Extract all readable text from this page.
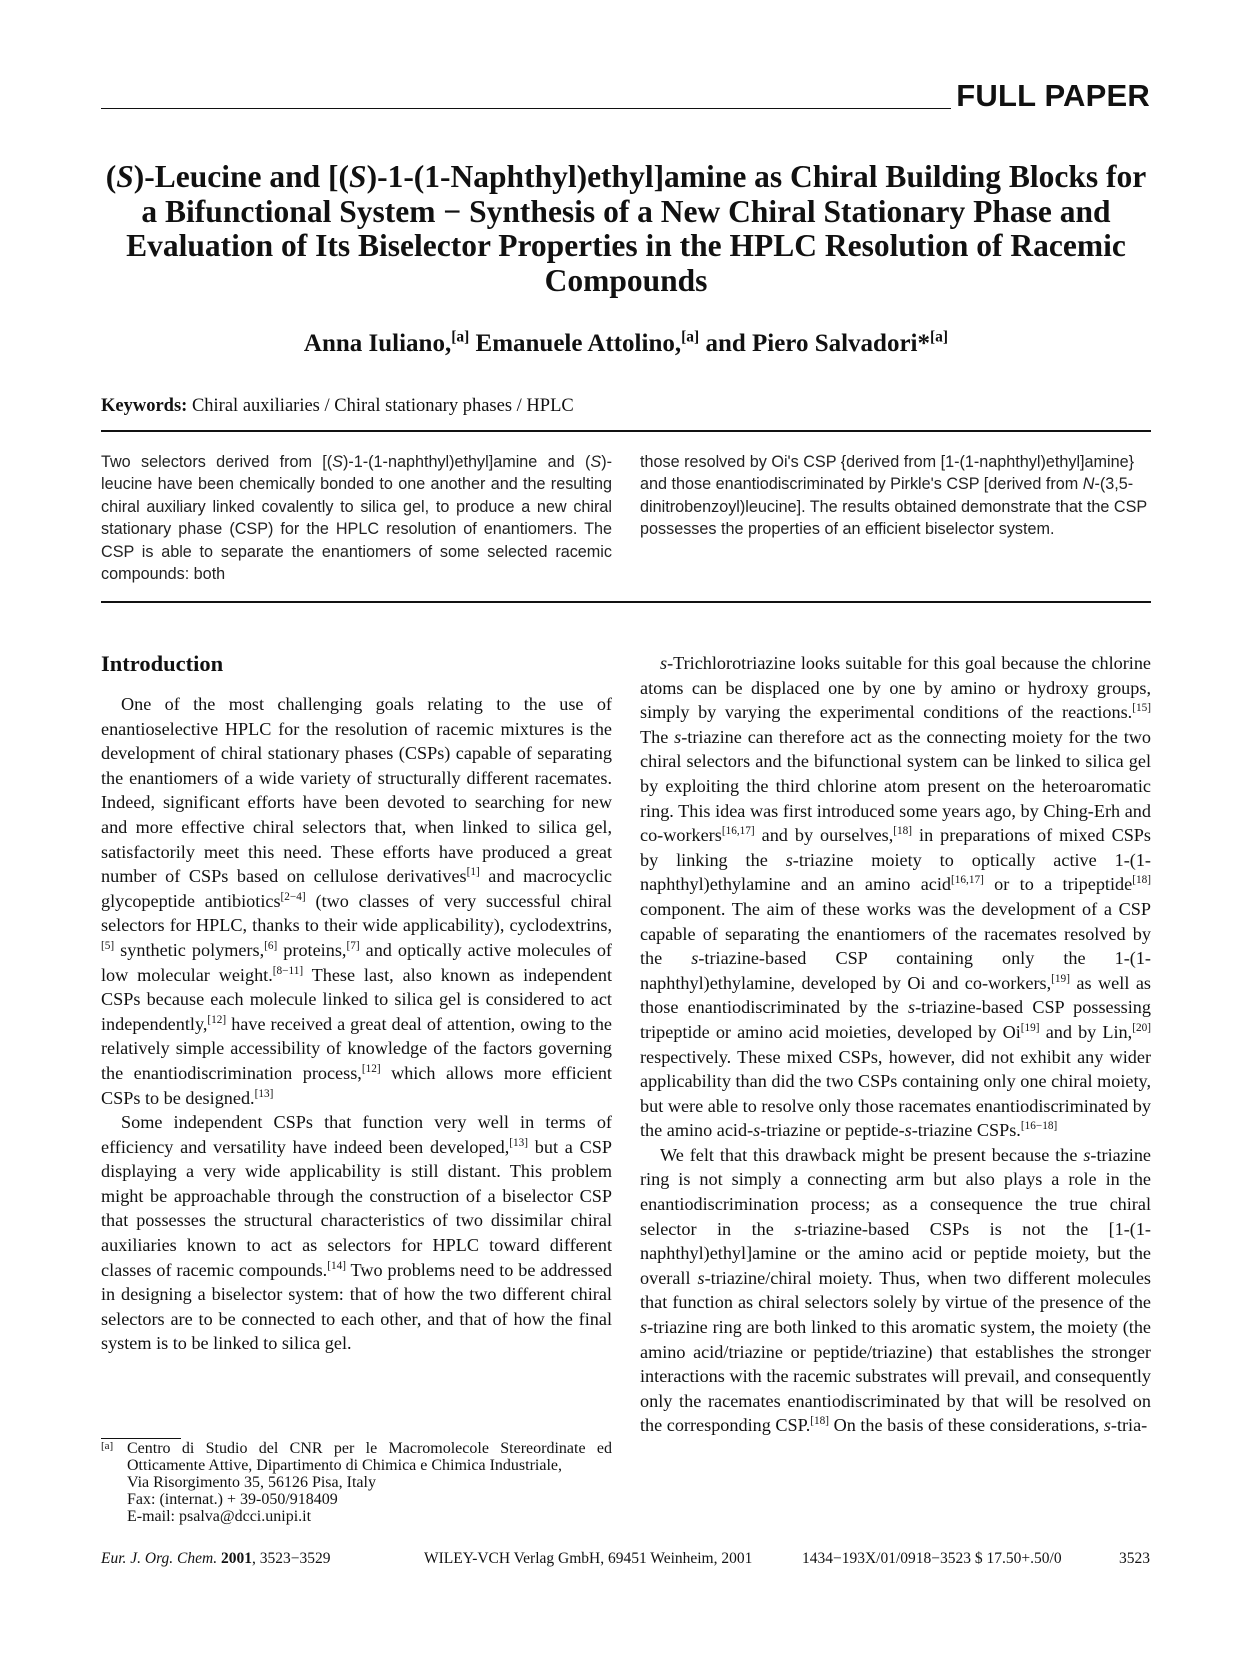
FULL PAPER
(S)-Leucine and [(S)-1-(1-Naphthyl)ethyl]amine as Chiral Building Blocks for a Bifunctional System − Synthesis of a New Chiral Stationary Phase and Evaluation of Its Biselector Properties in the HPLC Resolution of Racemic Compounds
Anna Iuliano,[a] Emanuele Attolino,[a] and Piero Salvadori*[a]
Keywords: Chiral auxiliaries / Chiral stationary phases / HPLC
Two selectors derived from [(S)-1-(1-naphthyl)ethyl]amine and (S)-leucine have been chemically bonded to one another and the resulting chiral auxiliary linked covalently to silica gel, to produce a new chiral stationary phase (CSP) for the HPLC resolution of enantiomers. The CSP is able to separate the enantiomers of some selected racemic compounds: both
those resolved by Oi's CSP {derived from [1-(1-naphthyl)ethyl]amine} and those enantiodiscriminated by Pirkle's CSP [derived from N-(3,5-dinitrobenzoyl)leucine]. The results obtained demonstrate that the CSP possesses the properties of an efficient biselector system.
Introduction

One of the most challenging goals relating to the use of enantioselective HPLC for the resolution of racemic mixtures is the development of chiral stationary phases (CSPs) capable of separating the enantiomers of a wide variety of structurally different racemates. Indeed, significant efforts have been devoted to searching for new and more effective chiral selectors that, when linked to silica gel, satisfactorily meet this need. These efforts have produced a great number of CSPs based on cellulose derivatives[1] and macrocyclic glycopeptide antibiotics[2−4] (two classes of very successful chiral selectors for HPLC, thanks to their wide applicability), cyclodextrins,[5] synthetic polymers,[6] proteins,[7] and optically active molecules of low molecular weight.[8−11] These last, also known as independent CSPs because each molecule linked to silica gel is considered to act independently,[12] have received a great deal of attention, owing to the relatively simple accessibility of knowledge of the factors governing the enantiodiscrimination process,[12] which allows more efficient CSPs to be designed.[13]

Some independent CSPs that function very well in terms of efficiency and versatility have indeed been developed,[13] but a CSP displaying a very wide applicability is still distant. This problem might be approachable through the construction of a biselector CSP that possesses the structural characteristics of two dissimilar chiral auxiliaries known to act as selectors for HPLC toward different classes of racemic compounds.[14] Two problems need to be addressed in designing a biselector system: that of how the two different chiral selectors are to be connected to each other, and that of how the final system is to be linked to silica gel.

s-Trichlorotriazine looks suitable for this goal because the chlorine atoms can be displaced one by one by amino or hydroxy groups, simply by varying the experimental conditions of the reactions.[15] The s-triazine can therefore act as the connecting moiety for the two chiral selectors and the bifunctional system can be linked to silica gel by exploiting the third chlorine atom present on the heteroaromatic ring. This idea was first introduced some years ago, by Ching-Erh and co-workers[16,17] and by ourselves,[18] in preparations of mixed CSPs by linking the s-triazine moiety to optically active 1-(1-naphthyl)ethylamine and an amino acid[16,17] or to a tripeptide[18] component. The aim of these works was the development of a CSP capable of separating the enantiomers of the racemates resolved by the s-triazine-based CSP containing only the 1-(1-naphthyl)ethylamine, developed by Oi and co-workers,[19] as well as those enantiodiscriminated by the s-triazine-based CSP possessing tripeptide or amino acid moieties, developed by Oi[19] and by Lin,[20] respectively. These mixed CSPs, however, did not exhibit any wider applicability than did the two CSPs containing only one chiral moiety, but were able to resolve only those racemates enantiodiscriminated by the amino acid-s-triazine or peptide-s-triazine CSPs.[16−18]

We felt that this drawback might be present because the s-triazine ring is not simply a connecting arm but also plays a role in the enantiodiscrimination process; as a consequence the true chiral selector in the s-triazine-based CSPs is not the [1-(1-naphthyl)ethyl]amine or the amino acid or peptide moiety, but the overall s-triazine/chiral moiety. Thus, when two different molecules that function as chiral selectors solely by virtue of the presence of the s-triazine ring are both linked to this aromatic system, the moiety (the amino acid/triazine or peptide/triazine) that establishes the stronger interactions with the racemic substrates will prevail, and consequently only the racemates enantiodiscriminated by that will be resolved on the corresponding CSP.[18] On the basis of these considerations, s-tria-

[a] Centro di Studio del CNR per le Macromolecole Stereordinate ed Otticamente Attive, Dipartimento di Chimica e Chimica Industriale,
Via Risorgimento 35, 56126 Pisa, Italy
Fax: (internat.) + 39-050/918409
E-mail: psalva@dcci.unipi.it
Eur. J. Org. Chem. 2001, 3523−3529	WILEY-VCH Verlag GmbH, 69451 Weinheim, 2001	1434−193X/01/0918−3523 $ 17.50+.50/0	3523
